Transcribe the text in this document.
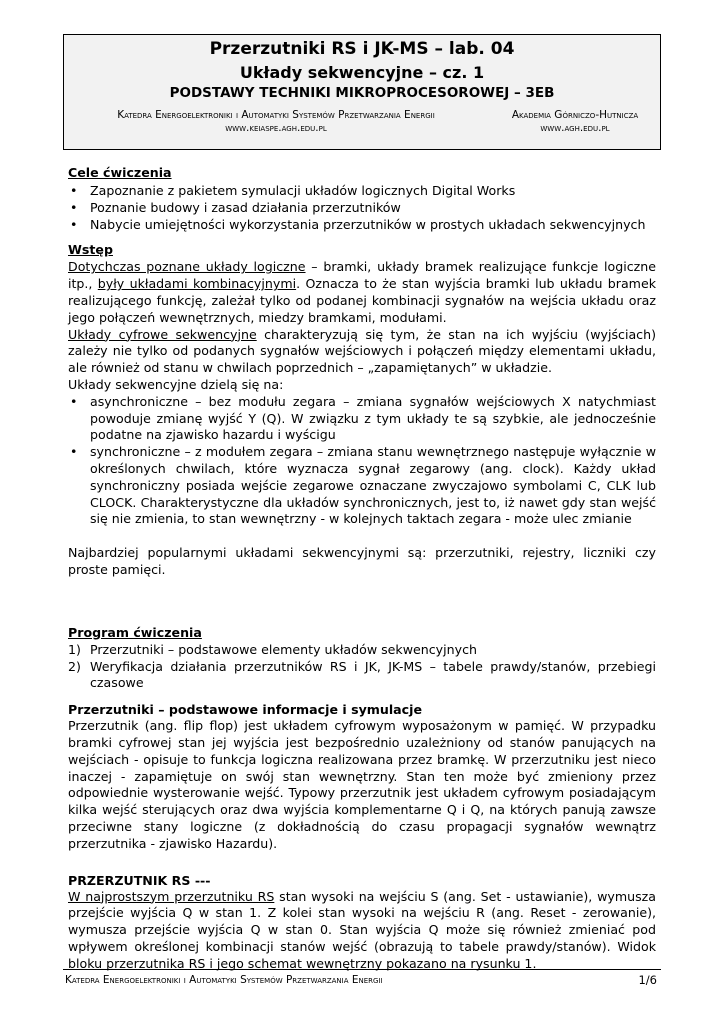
Przerzutniki RS i JK-MS – lab. 04
Układy sekwencyjne – cz. 1
PODSTAWY TECHNIKI MIKROPROCESOROWEJ – 3EB
Katedra Energoelektroniki i Automatyki Systemów Przetwarzania Energii
www.keiaspe.agh.edu.pl
Akademia Górniczo-Hutnicza
www.agh.edu.pl
Cele ćwiczenia
• Zapoznanie z pakietem symulacji układów logicznych Digital Works
• Poznanie budowy i zasad działania przerzutników
• Nabycie umiejętności wykorzystania przerzutników w prostych układach sekwencyjnych
Wstęp

Dotychczas poznane układy logiczne – bramki, układy bramek realizujące funkcje logiczne itp., były układami kombinacyjnymi. Oznacza to że stan wyjścia bramki lub układu bramek realizującego funkcję, zależał tylko od podanej kombinacji sygnałów na wejścia układu oraz jego połączeń wewnętrznych, miedzy bramkami, modułami.

Układy cyfrowe sekwencyjne charakteryzują się tym, że stan na ich wyjściu (wyjściach) zależy nie tylko od podanych sygnałów wejściowych i połączeń między elementami układu, ale również od stanu w chwilach poprzednich – „zapamiętanych” w układzie.

Układy sekwencyjne dzielą się na:

• asynchroniczne – bez modułu zegara – zmiana sygnałów wejściowych X natychmiast powoduje zmianę wyjść Y (Q). W związku z tym układy te są szybkie, ale jednocześnie podatne na zjawisko hazardu i wyścigu
• synchroniczne – z modułem zegara – zmiana stanu wewnętrznego następuje wyłącznie w określonych chwilach, które wyznacza sygnał zegarowy (ang. clock). Każdy układ synchroniczny posiada wejście zegarowe oznaczane zwyczajowo symbolami C, CLK lub CLOCK. Charakterystyczne dla układów synchronicznych, jest to, iż nawet gdy stan wejść się nie zmienia, to stan wewnętrzny - w kolejnych taktach zegara - może ulec zmianie

Najbardziej popularnymi układami sekwencyjnymi są: przerzutniki, rejestry, liczniki czy proste pamięci.

Program ćwiczenia
1) Przerzutniki – podstawowe elementy układów sekwencyjnych
2) Weryfikacja działania przerzutników RS i JK, JK-MS – tabele prawdy/stanów, przebiegi czasowe
Przerzutniki – podstawowe informacje i symulacje

Przerzutnik (ang. flip flop) jest układem cyfrowym wyposażonym w pamięć. W przypadku bramki cyfrowej stan jej wyjścia jest bezpośrednio uzależniony od stanów panujących na wejściach - opisuje to funkcja logiczna realizowana przez bramkę. W przerzutniku jest nieco inaczej - zapamiętuje on swój stan wewnętrzny. Stan ten może być zmieniony przez odpowiednie wysterowanie wejść. Typowy przerzutnik jest układem cyfrowym posiadającym kilka wejść sterujących oraz dwa wyjścia komplementarne Q i Q, na których panują zawsze przeciwne stany logiczne (z dokładnością do czasu propagacji sygnałów wewnątrz przerzutnika - zjawisko Hazardu).

PRZERZUTNIK RS ---

W najprostszym przerzutniku RS stan wysoki na wejściu S (ang. Set - ustawianie), wymusza przejście wyjścia Q w stan 1. Z kolei stan wysoki na wejściu R (ang. Reset - zerowanie), wymusza przejście wyjścia Q w stan 0. Stan wyjścia Q może się również zmieniać pod wpływem określonej kombinacji stanów wejść (obrazują to tabele prawdy/stanów). Widok bloku przerzutnika RS i jego schemat wewnętrzny pokazano na rysunku 1.

Katedra Energoelektroniki i Automatyki Systemów Przetwarzania Energii	1/6
